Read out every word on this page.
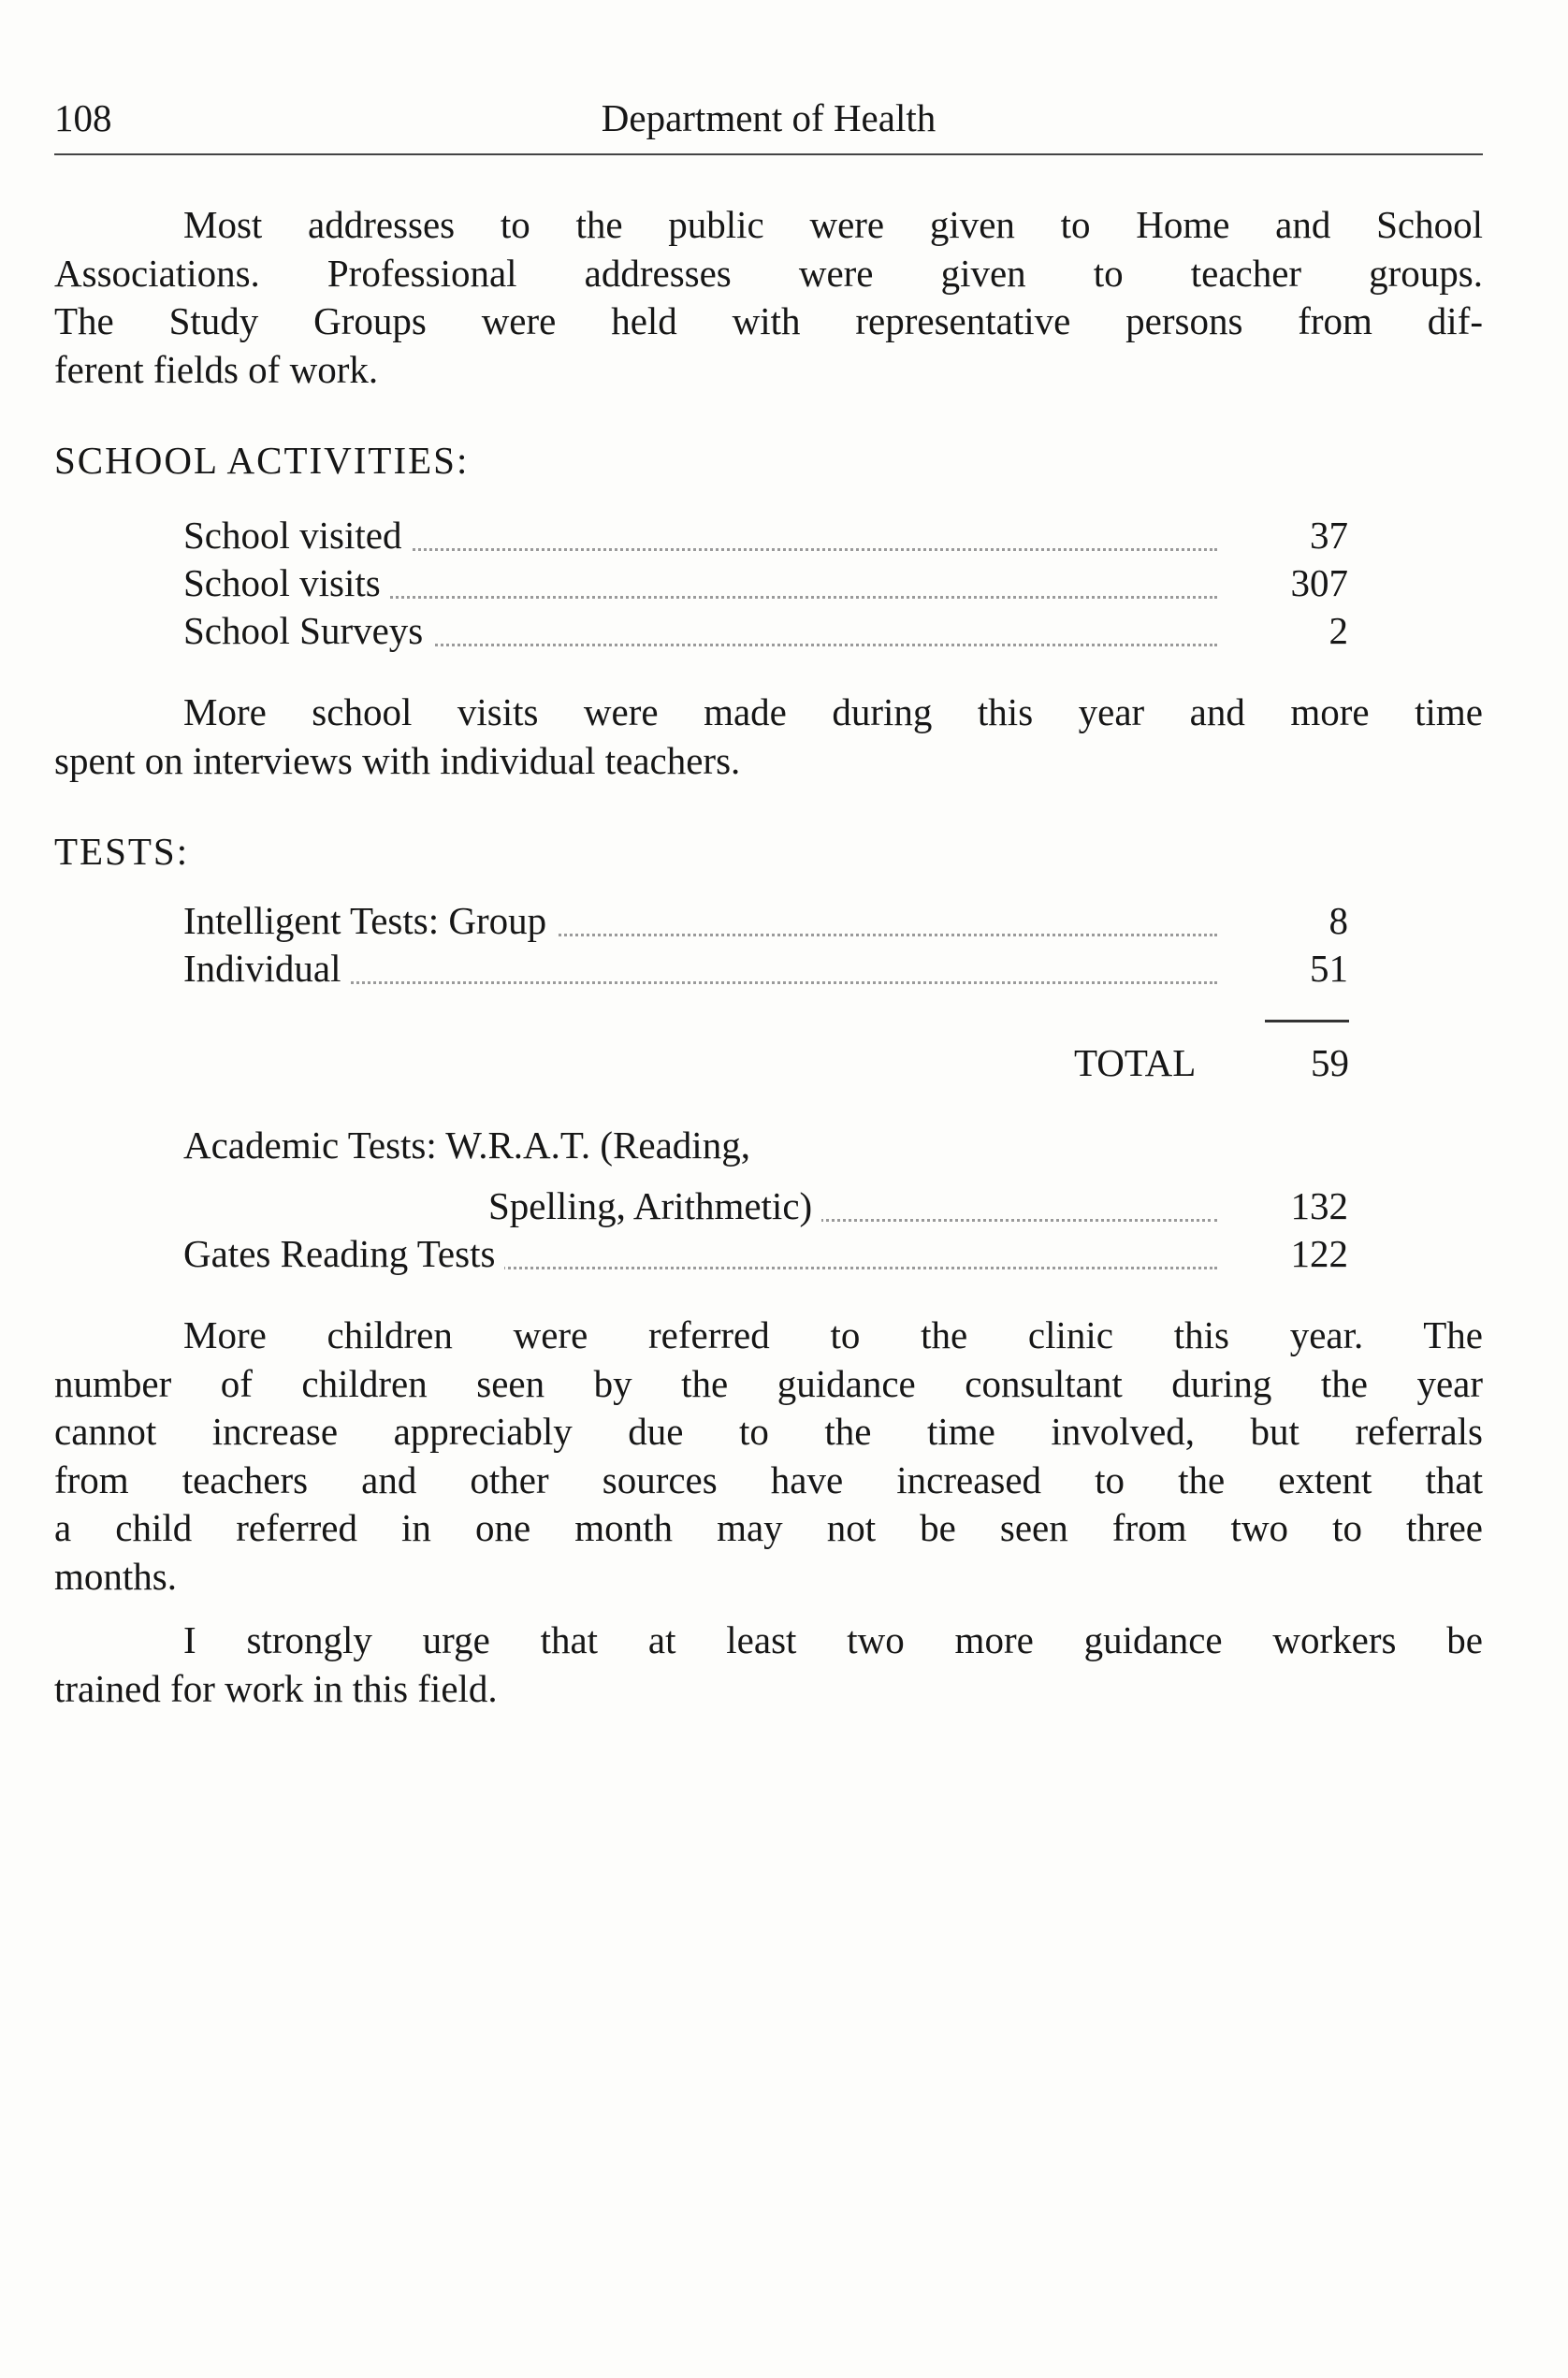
108	Department of Health
Most addresses to the public were given to Home and School
Associations. Professional addresses were given to teacher groups.
The Study Groups were held with representative persons from dif-
ferent fields of work.
SCHOOL ACTIVITIES:
School visited	37
School visits	307
School Surveys	2
More school visits were made during this year and more time
spent on interviews with individual teachers.
TESTS:
Intelligent Tests: Group	8
Individual	51
TOTAL	59
Academic Tests: W.R.A.T. (Reading,
Spelling, Arithmetic)	132
Gates Reading Tests	122
More children were referred to the clinic this year. The
number of children seen by the guidance consultant during the year
cannot increase appreciably due to the time involved, but referrals
from teachers and other sources have increased to the extent that
a child referred in one month may not be seen from two to three
months.
I strongly urge that at least two more guidance workers be
trained for work in this field.
